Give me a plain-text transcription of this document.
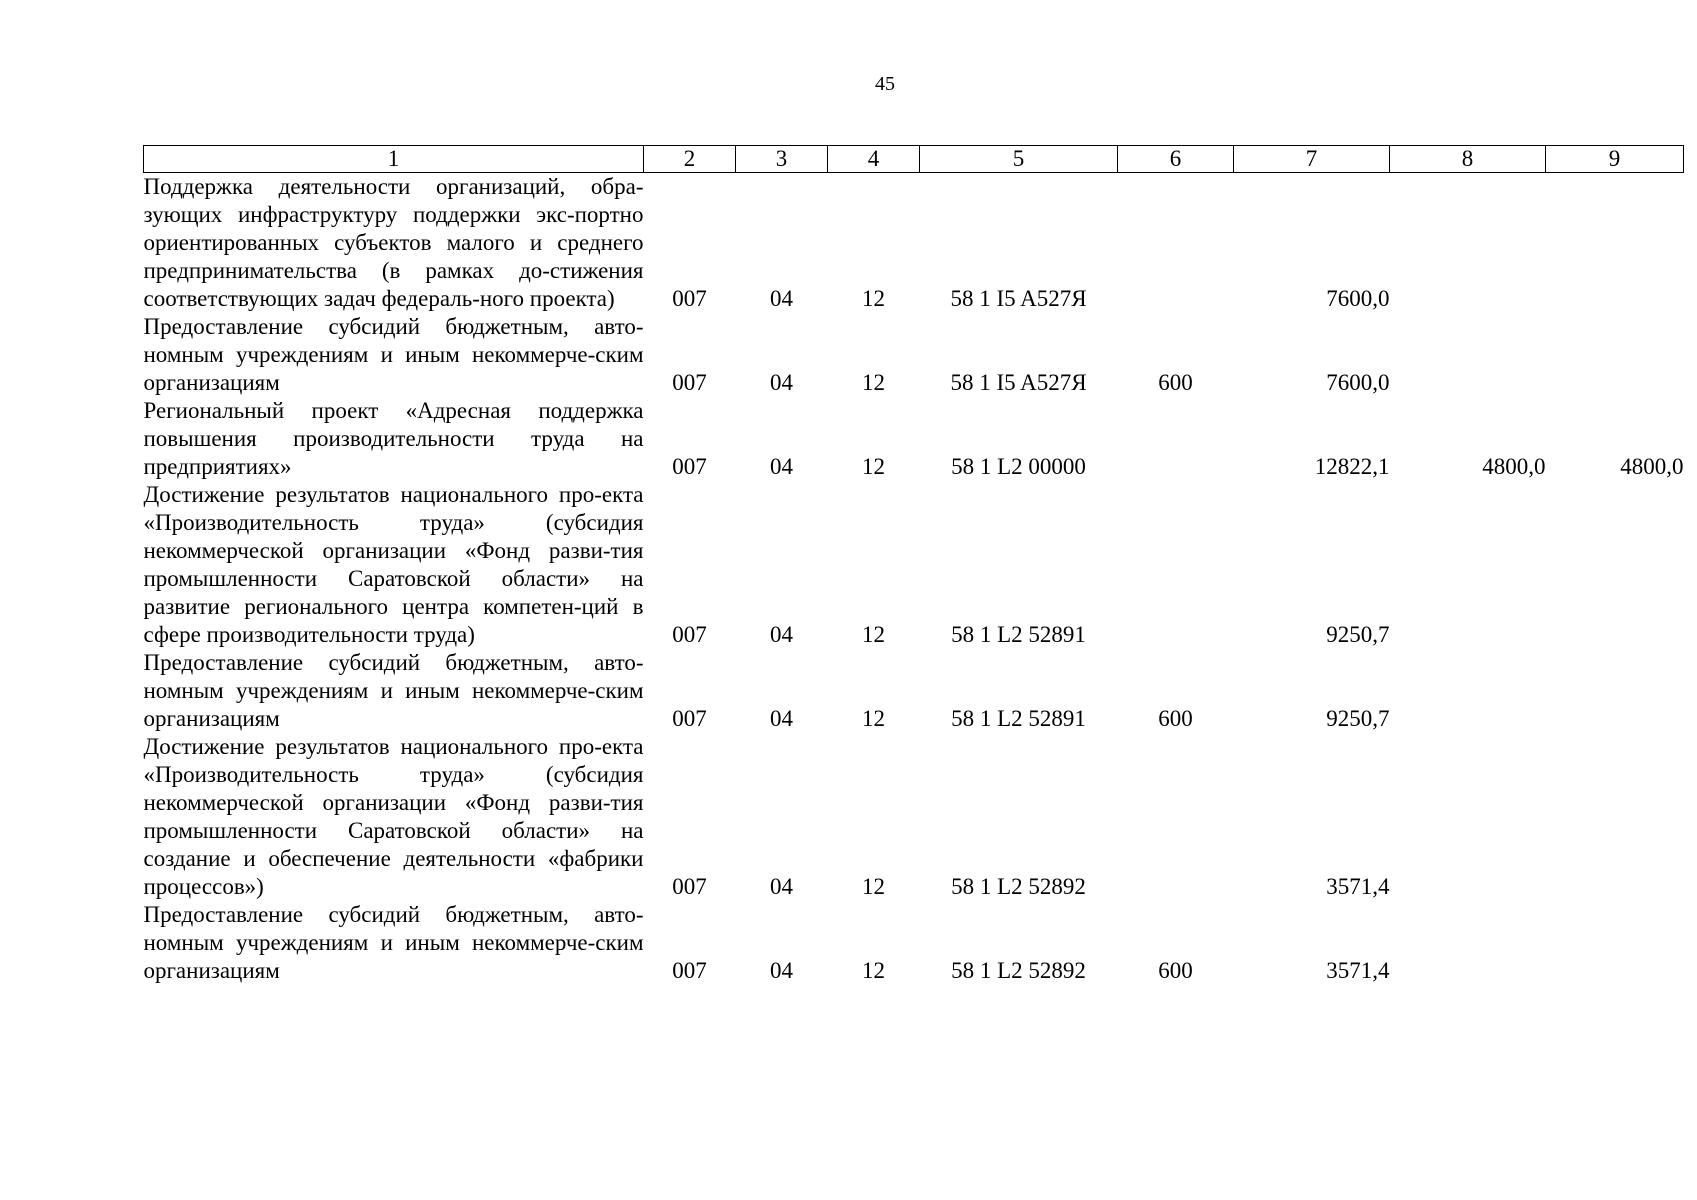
45
1	2	3	4	5	6	7	8	9
Поддержка деятельности организаций, обра-зующих инфраструктуру поддержки экс-портно ориентированных субъектов малого и среднего предпринимательства (в рамках до-стижения соответствующих задач федераль-ного проекта)	007	04	12	58 1 I5 A527Я		7600,0		
Предоставление субсидий бюджетным, авто-номным учреждениям и иным некоммерче-ским организациям	007	04	12	58 1 I5 A527Я	600	7600,0		
Региональный проект «Адресная поддержка повышения производительности труда на предприятиях»	007	04	12	58 1 L2 00000		12822,1	4800,0	4800,0
Достижение результатов национального про-екта «Производительность труда» (субсидия некоммерческой организации «Фонд разви-тия промышленности Саратовской области» на развитие регионального центра компетен-ций в сфере производительности труда)	007	04	12	58 1 L2 52891		9250,7		
Предоставление субсидий бюджетным, авто-номным учреждениям и иным некоммерче-ским организациям	007	04	12	58 1 L2 52891	600	9250,7		
Достижение результатов национального про-екта «Производительность труда» (субсидия некоммерческой организации «Фонд разви-тия промышленности Саратовской области» на создание и обеспечение деятельности «фабрики процессов»)	007	04	12	58 1 L2 52892		3571,4		
Предоставление субсидий бюджетным, авто-номным учреждениям и иным некоммерче-ским организациям	007	04	12	58 1 L2 52892	600	3571,4		
